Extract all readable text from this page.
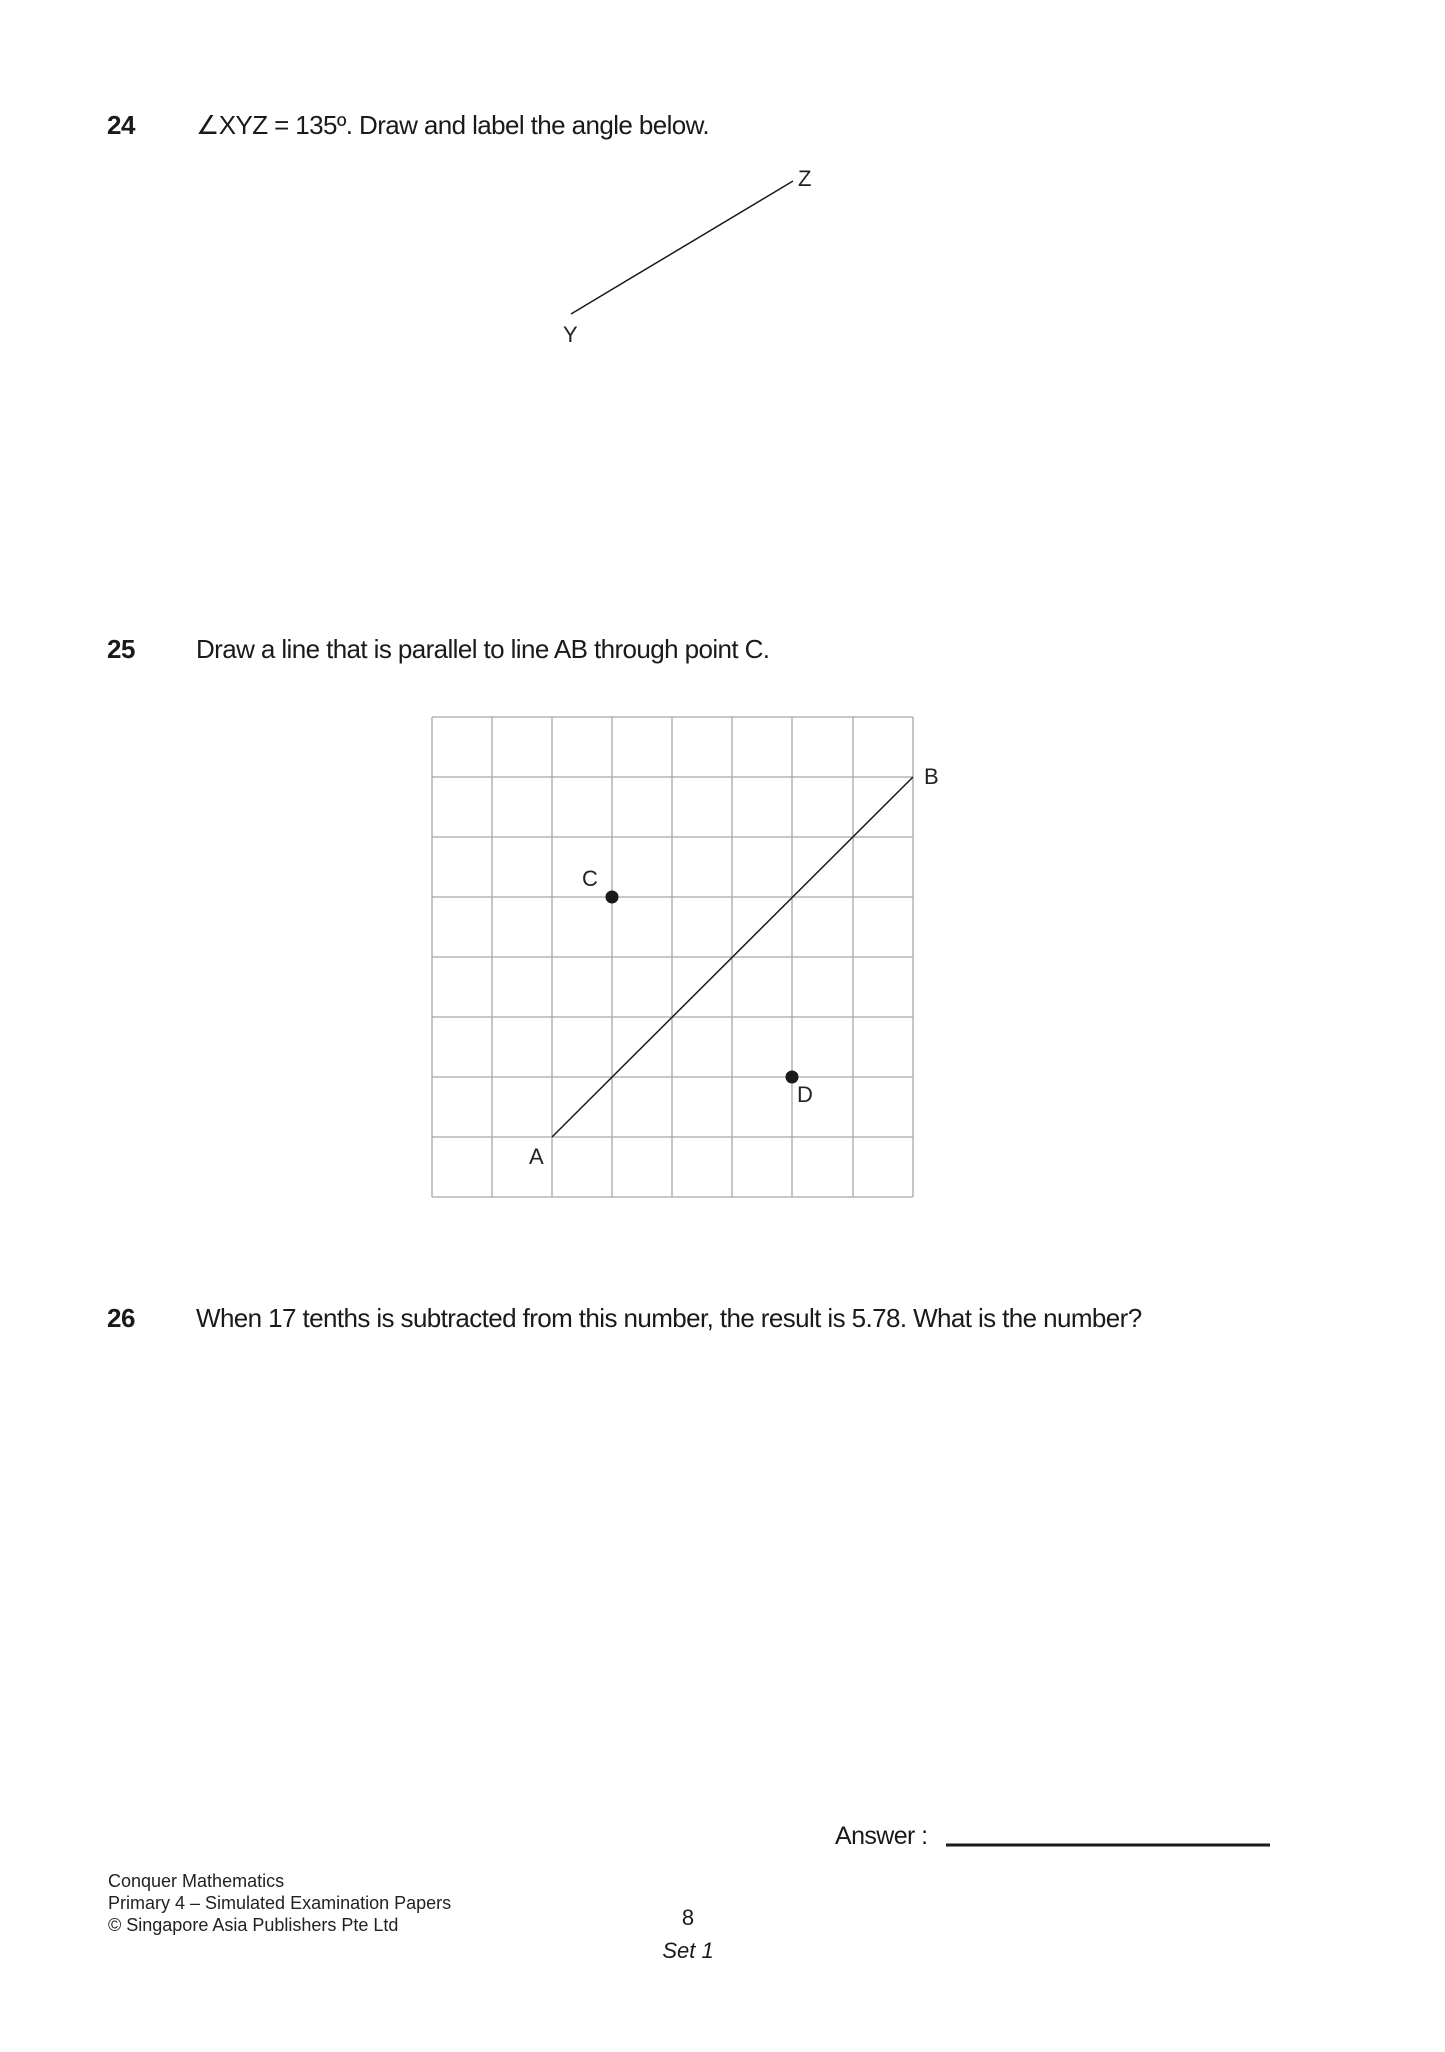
24 ∠XYZ = 135º. Draw and label the angle below.
Z
Y
25 Draw a line that is parallel to line AB through point C.
B
C
D
A
26 When 17 tenths is subtracted from this number, the result is 5.78. What is the number?
Answer :
Conquer Mathematics
Primary 4 – Simulated Examination Papers
© Singapore Asia Publishers Pte Ltd	8
Set 1
